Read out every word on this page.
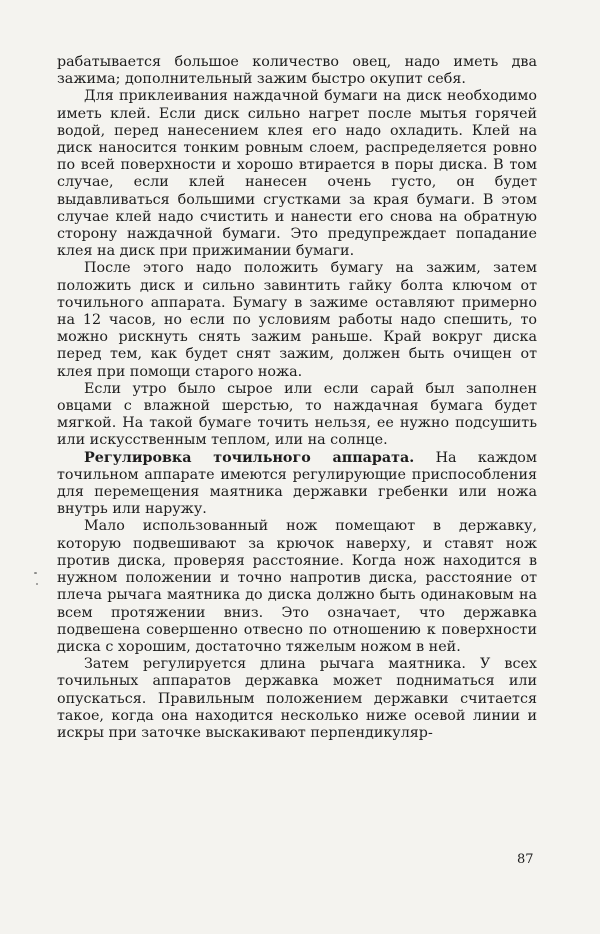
рабатывается большое количество овец, надо иметь два зажима; дополнительный зажим быстро окупит себя.

Для приклеивания наждачной бумаги на диск необходимо иметь клей. Если диск сильно нагрет после мытья горячей водой, перед нанесением клея его надо охладить. Клей на диск наносится тонким ровным слоем, распределяется ровно по всей поверхности и хорошо втирается в поры диска. В том случае, если клей нанесен очень густо, он будет выдавливаться большими сгустками за края бумаги. В этом случае клей надо счистить и нанести его снова на обратную сторону наждачной бумаги. Это предупреждает попадание клея на диск при прижимании бумаги.

После этого надо положить бумагу на зажим, затем положить диск и сильно завинтить гайку болта ключом от точильного аппарата. Бумагу в зажиме оставляют примерно на 12 часов, но если по условиям работы надо спешить, то можно рискнуть снять зажим раньше. Край вокруг диска перед тем, как будет снят зажим, должен быть очищен от клея при помощи старого ножа.

Если утро было сырое или если сарай был заполнен овцами с влажной шерстью, то наждачная бумага будет мягкой. На такой бумаге точить нельзя, ее нужно подсушить или искусственным теплом, или на солнце.

Регулировка точильного аппарата. На каждом точильном аппарате имеются регулирующие приспособления для перемещения маятника державки гребенки или ножа внутрь или наружу.

Мало использованный нож помещают в державку, которую подвешивают за крючок наверху, и ставят нож против диска, проверяя расстояние. Когда нож находится в нужном положении и точно напротив диска, расстояние от плеча рычага маятника до диска должно быть одинаковым на всем протяжении вниз. Это означает, что державка подвешена совершенно отвесно по отношению к поверхности диска с хорошим, достаточно тяжелым ножом в ней.

Затем регулируется длина рычага маятника. У всех точильных аппаратов державка может подниматься или опускаться. Правильным положением державки считается такое, когда она находится несколько ниже осевой линии и искры при заточке выскакивают перпендикуляр-

87
